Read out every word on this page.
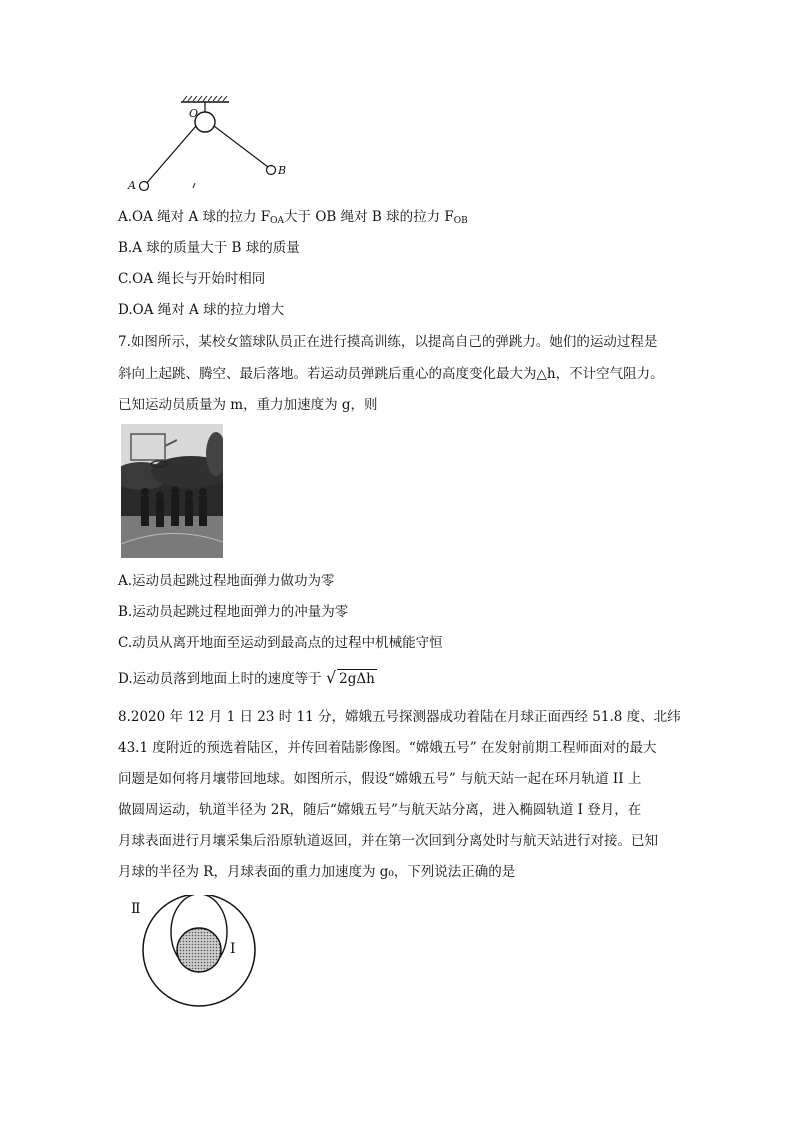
O
A
B
A.OA 绳对 A 球的拉力 $F_{OA}$大于 OB 绳对 B 球的拉力 $F_{OB}$
B.A 球的质量大于 B 球的质量
C.OA 绳长与开始时相同
D.OA 绳对 A 球的拉力增大
7.如图所示，某校女篮球队员正在进行摸高训练，以提高自己的弹跳力。她们的运动过程是
斜向上起跳、腾空、最后落地。若运动员弹跳后重心的高度变化最大为△h，不计空气阻力。
已知运动员质量为 m，重力加速度为 g，则
A.运动员起跳过程地面弹力做功为零
B.运动员起跳过程地面弹力的冲量为零
C.动员从离开地面至运动到最高点的过程中机械能守恒
D.运动员落到地面上时的速度等于 √ 2gΔh
8.2020 年 12 月 1 日 23 时 11 分，嫦娥五号探测器成功着陆在月球正面西经 51.8 度、北纬
43.1 度附近的预选着陆区，并传回着陆影像图。“嫦娥五号” 在发射前期工程师面对的最大
问题是如何将月壤带回地球。如图所示，假设“嫦娥五号” 与航天站一起在环月轨道 II 上
做圆周运动，轨道半径为 2R，随后“嫦娥五号”与航天站分离，进入椭圆轨道 I 登月，在
月球表面进行月壤采集后沿原轨道返回，并在第一次回到分离处时与航天站进行对接。已知
月球的半径为 R，月球表面的重力加速度为 g₀，下列说法正确的是
Ⅱ
Ⅰ
